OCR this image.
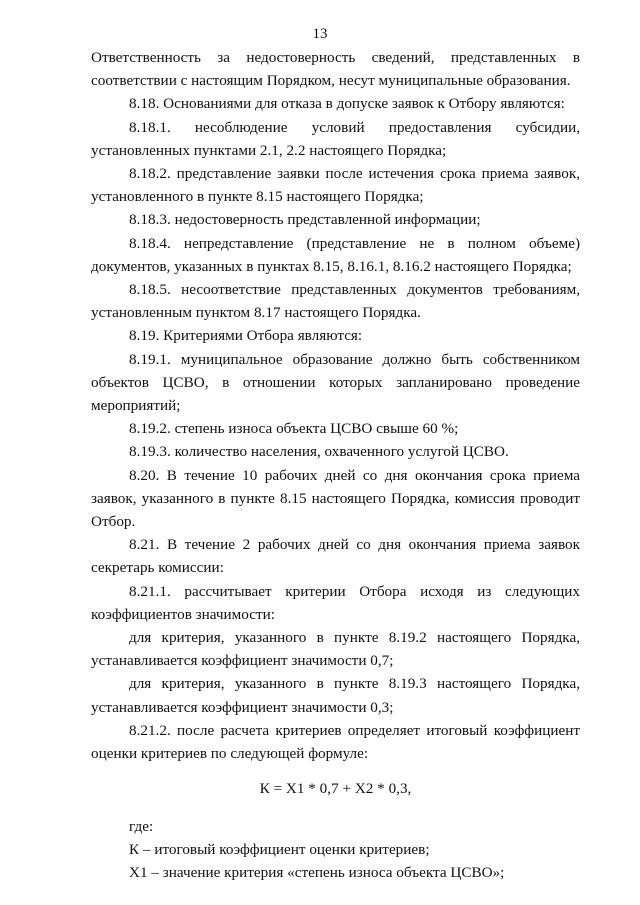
13

Ответственность за недостоверность сведений, представленных в соответствии с настоящим Порядком, несут муниципальные образования.

8.18. Основаниями для отказа в допуске заявок к Отбору являются:

8.18.1. несоблюдение условий предоставления субсидии, установленных пунктами 2.1, 2.2 настоящего Порядка;

8.18.2. представление заявки после истечения срока приема заявок, установленного в пункте 8.15 настоящего Порядка;

8.18.3. недостоверность представленной информации;

8.18.4. непредставление (представление не в полном объеме) документов, указанных в пунктах 8.15, 8.16.1, 8.16.2 настоящего Порядка;

8.18.5. несоответствие представленных документов требованиям, установленным пунктом 8.17 настоящего Порядка.

8.19. Критериями Отбора являются:

8.19.1. муниципальное образование должно быть собственником объектов ЦСВО, в отношении которых запланировано проведение мероприятий;

8.19.2. степень износа объекта ЦСВО свыше 60 %;

8.19.3. количество населения, охваченного услугой ЦСВО.

8.20. В течение 10 рабочих дней со дня окончания срока приема заявок, указанного в пункте 8.15 настоящего Порядка, комиссия проводит Отбор.

8.21. В течение 2 рабочих дней со дня окончания приема заявок секретарь комиссии:

8.21.1. рассчитывает критерии Отбора исходя из следующих коэффициентов значимости:

для критерия, указанного в пункте 8.19.2 настоящего Порядка, устанавливается коэффициент значимости 0,7;

для критерия, указанного в пункте 8.19.3 настоящего Порядка, устанавливается коэффициент значимости 0,3;

8.21.2. после расчета критериев определяет итоговый коэффициент оценки критериев по следующей формуле:

К = Х1 * 0,7 + Х2 * 0,3,

где:

К – итоговый коэффициент оценки критериев;

Х1 – значение критерия «степень износа объекта ЦСВО»;
